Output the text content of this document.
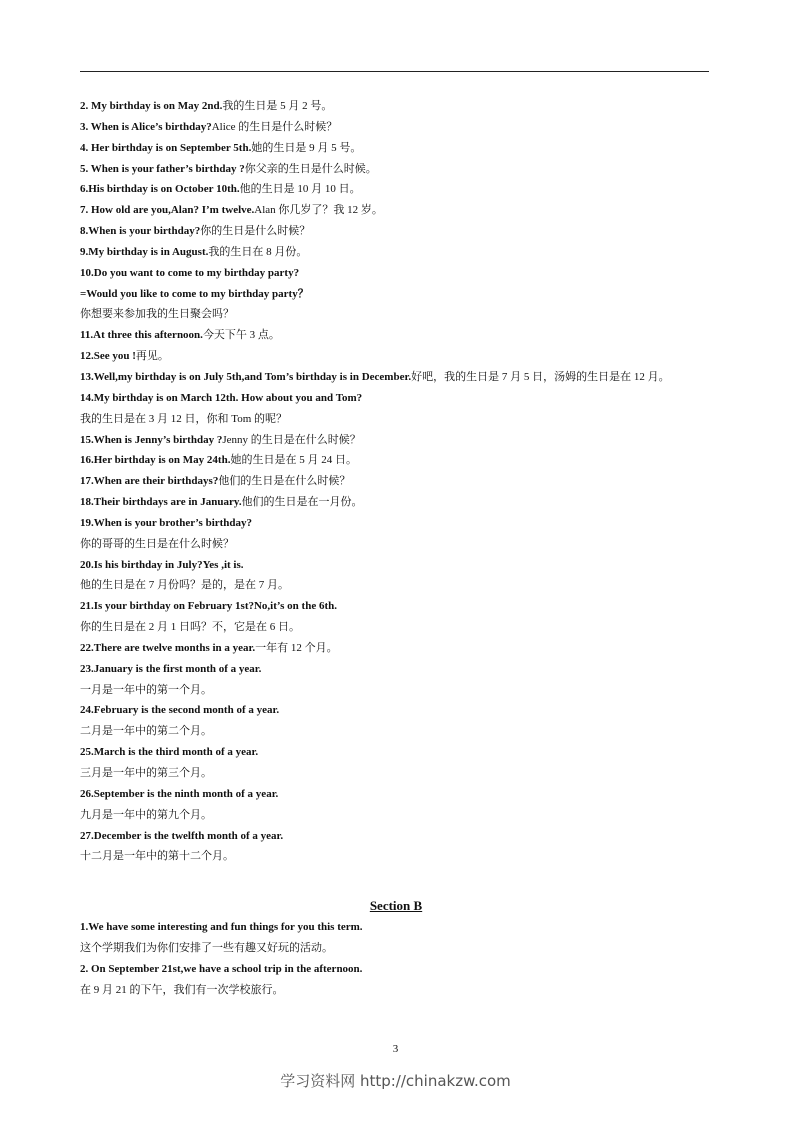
2. My birthday is on May 2nd.我的生日是 5 月 2 号。
3. When is Alice’s birthday?Alice 的生日是什么时候？
4. Her birthday is on September 5th.她的生日是 9 月 5 号。
5. When is your father’s birthday ?你父亲的生日是什么时候。
6.His birthday is on October 10th.他的生日是 10 月 10 日。
7. How old are you,Alan? I’m twelve.Alan 你几岁了？我 12 岁。
8.When is your birthday?你的生日是什么时候？
9.My birthday is in August.我的生日在 8 月份。
10.Do you want to come to my birthday party?
=Would you like to come to my birthday party？
你想要来参加我的生日聚会吗？
11.At three this afternoon.今天下午 3 点。
12.See you !再见。
13.Well,my birthday is on July 5th,and Tom’s birthday is in December.好吧，我的生日是 7 月 5 日，汤姆的生日是在 12 月。
14.My birthday is on March 12th. How about you and Tom?
我的生日是在 3 月 12 日，你和 Tom 的呢？
15.When is Jenny’s birthday ?Jenny 的生日是在什么时候？
16.Her birthday is on May 24th.她的生日是在 5 月 24 日。
17.When are their birthdays?他们的生日是在什么时候？
18.Their birthdays are in January.他们的生日是在一月份。
19.When is your brother’s birthday?
你的哥哥的生日是在什么时候？
20.Is his birthday in July?Yes ,it is.
他的生日是在 7 月份吗？是的，是在 7 月。
21.Is your birthday on February 1st?No,it’s on the 6th.
你的生日是在 2 月 1 日吗？不，它是在 6 日。
22.There are twelve months in a year.一年有 12 个月。
23.January is the first month of a year.
一月是一年中的第一个月。
24.February is the second month of a year.
二月是一年中的第二个月。
25.March is the third month of a year.
三月是一年中的第三个月。
26.September is the ninth month of a year.
九月是一年中的第九个月。
27.December is the twelfth month of a year.
十二月是一年中的第十二个月。
Section B
1.We have some interesting and fun things for you this term.
这个学期我们为你们安排了一些有趣又好玩的活动。
2. On September 21st,we have a school trip in the afternoon.
在 9 月 21 的下午，我们有一次学校旅行。
3
学习资料网 http://chinakzw.com
